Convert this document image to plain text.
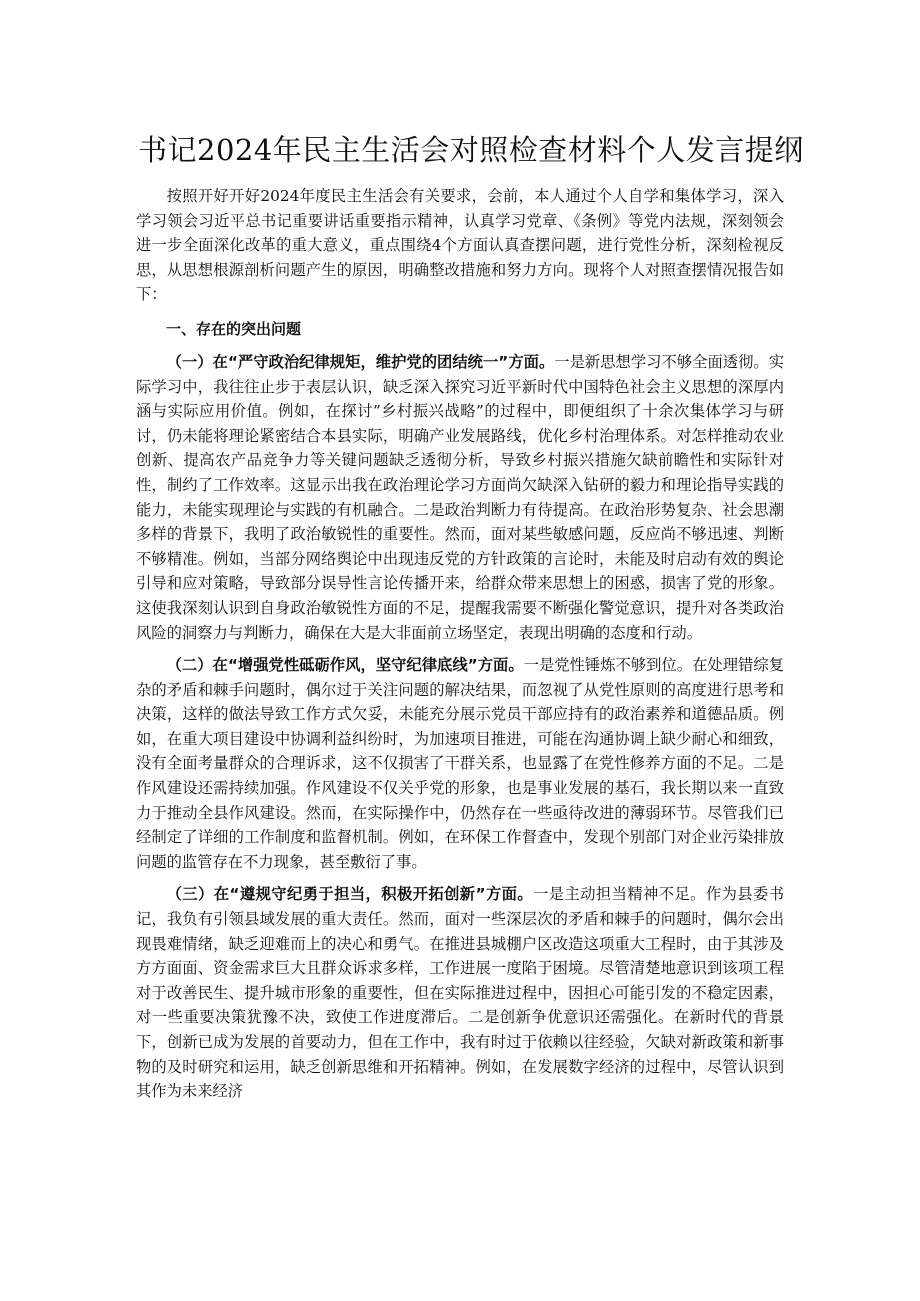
书记2024年民主生活会对照检查材料个人发言提纲

按照开好开好2024年度民主生活会有关要求，会前，本人通过个人自学和集体学习，深入学习领会习近平总书记重要讲话重要指示精神，认真学习党章、《条例》等党内法规，深刻领会进一步全面深化改革的重大意义，重点围绕4个方面认真查摆问题，进行党性分析，深刻检视反思，从思想根源剖析问题产生的原因，明确整改措施和努力方向。现将个人对照查摆情况报告如下：

一、存在的突出问题

（一）在“严守政治纪律规矩，维护党的团结统一”方面。一是新思想学习不够全面透彻。实际学习中，我往往止步于表层认识，缺乏深入探究习近平新时代中国特色社会主义思想的深厚内涵与实际应用价值。例如，在探讨”乡村振兴战略”的过程中，即便组织了十余次集体学习与研讨，仍未能将理论紧密结合本县实际，明确产业发展路线，优化乡村治理体系。对怎样推动农业创新、提高农产品竞争力等关键问题缺乏透彻分析，导致乡村振兴措施欠缺前瞻性和实际针对性，制约了工作效率。这显示出我在政治理论学习方面尚欠缺深入钻研的毅力和理论指导实践的能力，未能实现理论与实践的有机融合。二是政治判断力有待提高。在政治形势复杂、社会思潮多样的背景下，我明了政治敏锐性的重要性。然而，面对某些敏感问题，反应尚不够迅速、判断不够精准。例如，当部分网络舆论中出现违反党的方针政策的言论时，未能及时启动有效的舆论引导和应对策略，导致部分误导性言论传播开来，给群众带来思想上的困惑，损害了党的形象。这使我深刻认识到自身政治敏锐性方面的不足，提醒我需要不断强化警觉意识，提升对各类政治风险的洞察力与判断力，确保在大是大非面前立场坚定，表现出明确的态度和行动。

（二）在“增强党性砥砺作风，坚守纪律底线”方面。一是党性锤炼不够到位。在处理错综复杂的矛盾和棘手问题时，偶尔过于关注问题的解决结果，而忽视了从党性原则的高度进行思考和决策，这样的做法导致工作方式欠妥，未能充分展示党员干部应持有的政治素养和道德品质。例如，在重大项目建设中协调利益纠纷时，为加速项目推进，可能在沟通协调上缺少耐心和细致，没有全面考量群众的合理诉求，这不仅损害了干群关系，也显露了在党性修养方面的不足。二是作风建设还需持续加强。作风建设不仅关乎党的形象，也是事业发展的基石，我长期以来一直致力于推动全县作风建设。然而，在实际操作中，仍然存在一些亟待改进的薄弱环节。尽管我们已经制定了详细的工作制度和监督机制。例如，在环保工作督查中，发现个别部门对企业污染排放问题的监管存在不力现象，甚至敷衍了事。

（三）在“遵规守纪勇于担当，积极开拓创新”方面。一是主动担当精神不足。作为县委书记，我负有引领县域发展的重大责任。然而，面对一些深层次的矛盾和棘手的问题时，偶尔会出现畏难情绪，缺乏迎难而上的决心和勇气。在推进县城棚户区改造这项重大工程时，由于其涉及方方面面、资金需求巨大且群众诉求多样，工作进展一度陷于困境。尽管清楚地意识到该项工程对于改善民生、提升城市形象的重要性，但在实际推进过程中，因担心可能引发的不稳定因素，对一些重要决策犹豫不决，致使工作进度滞后。二是创新争优意识还需强化。在新时代的背景下，创新已成为发展的首要动力，但在工作中，我有时过于依赖以往经验，欠缺对新政策和新事物的及时研究和运用，缺乏创新思维和开拓精神。例如，在发展数字经济的过程中，尽管认识到其作为未来经济
